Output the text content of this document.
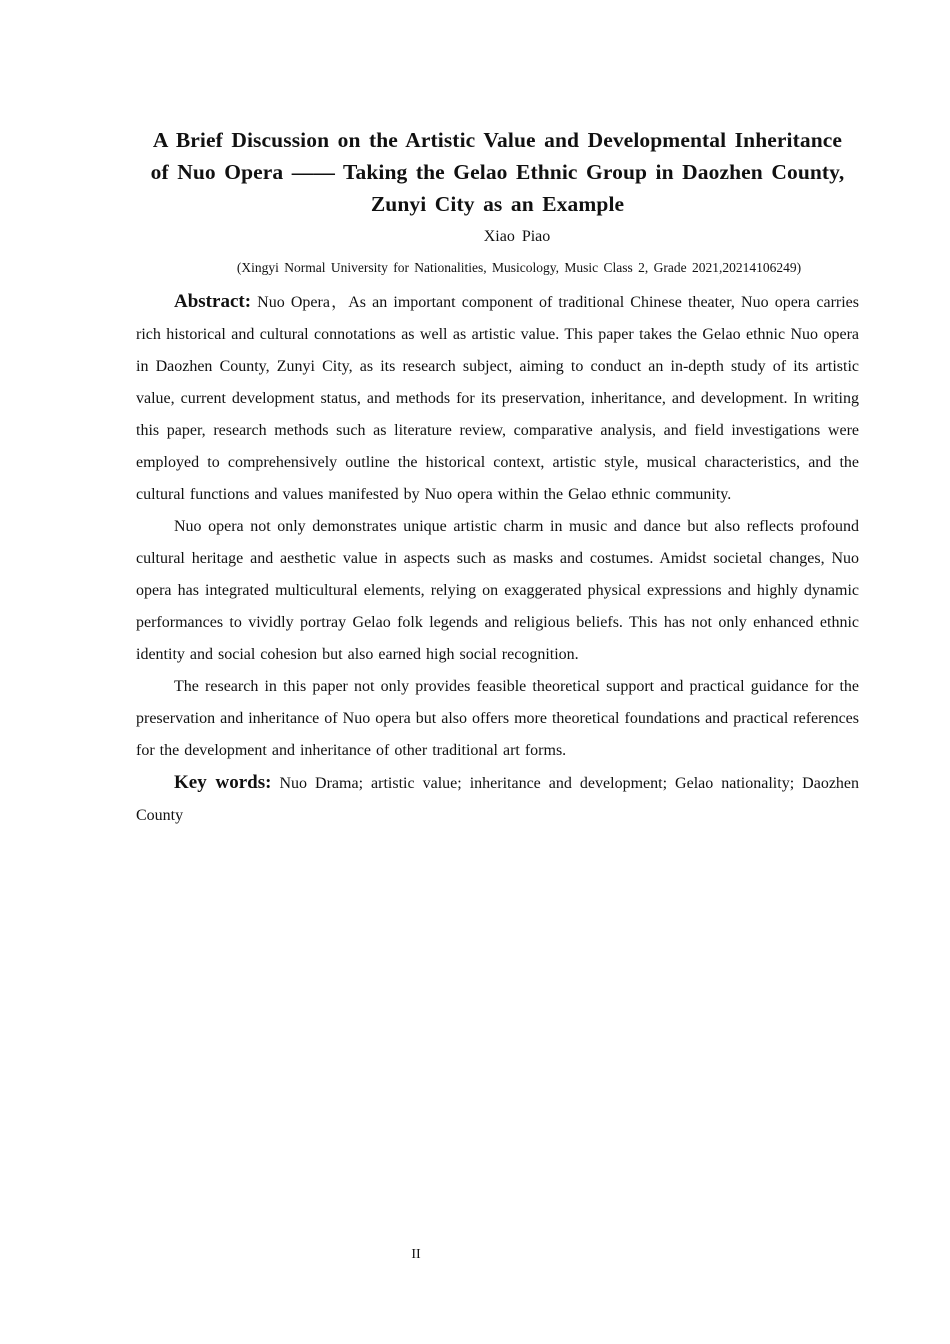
A Brief Discussion on the Artistic Value and Developmental Inheritance of Nuo Opera —— Taking the Gelao Ethnic Group in Daozhen County, Zunyi City as an Example
Xiao Piao
(Xingyi Normal University for Nationalities, Musicology, Music Class 2, Grade 2021,20214106249)

Abstract: Nuo Opera，As an important component of traditional Chinese theater, Nuo opera carries rich historical and cultural connotations as well as artistic value. This paper takes the Gelao ethnic Nuo opera in Daozhen County, Zunyi City, as its research subject, aiming to conduct an in-depth study of its artistic value, current development status, and methods for its preservation, inheritance, and development. In writing this paper, research methods such as literature review, comparative analysis, and field investigations were employed to comprehensively outline the historical context, artistic style, musical characteristics, and the cultural functions and values manifested by Nuo opera within the Gelao ethnic community.

Nuo opera not only demonstrates unique artistic charm in music and dance but also reflects profound cultural heritage and aesthetic value in aspects such as masks and costumes. Amidst societal changes, Nuo opera has integrated multicultural elements, relying on exaggerated physical expressions and highly dynamic performances to vividly portray Gelao folk legends and religious beliefs. This has not only enhanced ethnic identity and social cohesion but also earned high social recognition.

The research in this paper not only provides feasible theoretical support and practical guidance for the preservation and inheritance of Nuo opera but also offers more theoretical foundations and practical references for the development and inheritance of other traditional art forms.

Key words: Nuo Drama; artistic value; inheritance and development; Gelao nationality; Daozhen County

II
